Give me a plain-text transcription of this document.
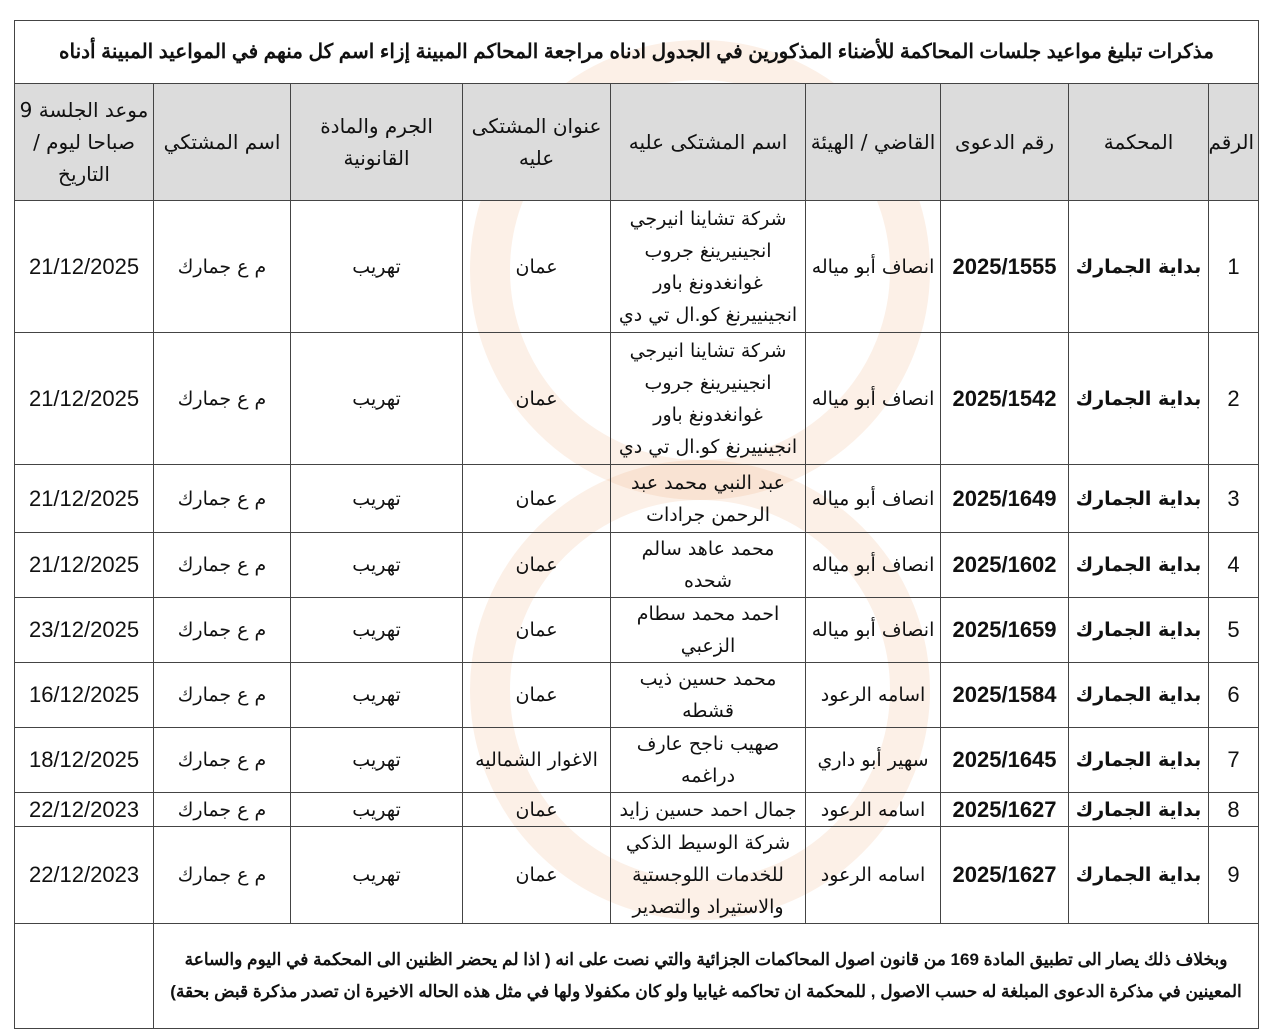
مذكرات تبليغ مواعيد جلسات المحاكمة للأضناء المذكورين في الجدول ادناه مراجعة المحاكم المبينة إزاء اسم كل منهم في المواعيد المبينة أدناه								
الرقم	المحكمة	رقم الدعوى	القاضي / الهيئة	اسم المشتكى عليه	عنوان المشتكى عليه	الجرم والمادة القانونية	اسم المشتكي	موعد الجلسة 9 صباحا ليوم / التاريخ
1	بداية الجمارك	2025/1555	انصاف أبو مياله	شركة تشاينا انيرجي انجينيرينغ جروب غوانغدونغ باور انجينييرنغ كو.ال تي دي	عمان	تهريب	م ع جمارك	21/12/2025
2	بداية الجمارك	2025/1542	انصاف أبو مياله	شركة تشاينا انيرجي انجينيرينغ جروب غوانغدونغ باور انجينييرنغ كو.ال تي دي	عمان	تهريب	م ع جمارك	21/12/2025
3	بداية الجمارك	2025/1649	انصاف أبو مياله	عبد النبي محمد عبد الرحمن جرادات	عمان	تهريب	م ع جمارك	21/12/2025
4	بداية الجمارك	2025/1602	انصاف أبو مياله	محمد عاهد سالم شحده	عمان	تهريب	م ع جمارك	21/12/2025
5	بداية الجمارك	2025/1659	انصاف أبو مياله	احمد محمد سطام الزعبي	عمان	تهريب	م ع جمارك	23/12/2025
6	بداية الجمارك	2025/1584	اسامه الرعود	محمد حسين ذيب قشطه	عمان	تهريب	م ع جمارك	16/12/2025
7	بداية الجمارك	2025/1645	سهير أبو داري	صهيب ناجح عارف دراغمه	الاغوار الشماليه	تهريب	م ع جمارك	18/12/2025
8	بداية الجمارك	2025/1627	اسامه الرعود	جمال احمد حسين زايد	عمان	تهريب	م ع جمارك	22/12/2023
9	بداية الجمارك	2025/1627	اسامه الرعود	شركة الوسيط الذكي للخدمات اللوجستية والاستيراد والتصدير	عمان	تهريب	م ع جمارك	22/12/2023
وبخلاف ذلك يصار الى تطبيق المادة 169 من قانون اصول المحاكمات الجزائية والتي نصت على انه ( اذا لم يحضر الظنين الى المحكمة في اليوم والساعة المعينين في مذكرة الدعوى المبلغة له حسب الاصول , للمحكمة ان تحاكمه غيابيا ولو كان مكفولا ولها في مثل هذه الحاله الاخيرة ان تصدر مذكرة قبض بحقة)								
